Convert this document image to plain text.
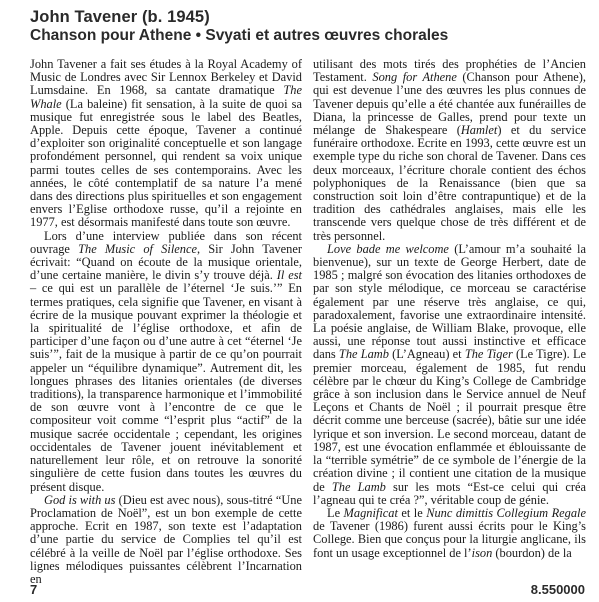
John Tavener (b. 1945)
Chanson pour Athene • Svyati et autres œuvres chorales

John Tavener a fait ses études à la Royal Academy of Music de Londres avec Sir Lennox Berkeley et David Lumsdaine. En 1968, sa cantate dramatique The Whale (La baleine) fit sensation, à la suite de quoi sa musique fut enregistrée sous le label des Beatles, Apple. Depuis cette époque, Tavener a continué d’exploiter son originalité conceptuelle et son langage profondément personnel, qui rendent sa voix unique parmi toutes celles de ses contemporains. Avec les années, le côté contemplatif de sa nature l’a mené dans des directions plus spirituelles et son engagement envers l’Eglise orthodoxe russe, qu’il a rejointe en 1977, est désormais manifesté dans toute son œuvre.

Lors d’une interview publiée dans son récent ouvrage The Music of Silence, Sir John Tavener écrivait: “Quand on écoute de la musique orientale, d’une certaine manière, le divin s’y trouve déjà. Il est – ce qui est un parallèle de l’éternel ‘Je suis.’” En termes pratiques, cela signifie que Tavener, en visant à écrire de la musique pouvant exprimer la théologie et la spiritualité de l’église orthodoxe, et afin de participer d’une façon ou d’une autre à cet “éternel ‘Je suis’”, fait de la musique à partir de ce qu’on pourrait appeler un “équilibre dynamique”. Autrement dit, les longues phrases des litanies orientales (de diverses traditions), la transparence harmonique et l’immobilité de son œuvre vont à l’encontre de ce que le compositeur voit comme “l’esprit plus “actif” de la musique sacrée occidentale ; cependant, les origines occidentales de Tavener jouent inévitablement et naturellement leur rôle, et on retrouve la sonorité singulière de cette fusion dans toutes les œuvres du présent disque.

God is with us (Dieu est avec nous), sous-titré “Une Proclamation de Noël”, est un bon exemple de cette approche. Ecrit en 1987, son texte est l’adaptation d’une partie du service de Complies tel qu’il est célébré à la veille de Noël par l’église orthodoxe. Ses lignes mélodiques puissantes célèbrent l’Incarnation en

utilisant des mots tirés des prophéties de l’Ancien Testament. Song for Athene (Chanson pour Athene), qui est devenue l’une des œuvres les plus connues de Tavener depuis qu’elle a été chantée aux funérailles de Diana, la princesse de Galles, prend pour texte un mélange de Shakespeare (Hamlet) et du service funéraire orthodoxe. Ecrite en 1993, cette œuvre est un exemple type du riche son choral de Tavener. Dans ces deux morceaux, l’écriture chorale contient des échos polyphoniques de la Renaissance (bien que sa construction soit loin d’être contrapuntique) et de la tradition des cathédrales anglaises, mais elle les transcende vers quelque chose de très différent et de très personnel.

Love bade me welcome (L’amour m’a souhaité la bienvenue), sur un texte de George Herbert, date de 1985 ; malgré son évocation des litanies orthodoxes de par son style mélodique, ce morceau se caractérise également par une réserve très anglaise, ce qui, paradoxalement, favorise une extraordinaire intensité. La poésie anglaise, de William Blake, provoque, elle aussi, une réponse tout aussi instinctive et efficace dans The Lamb (L’Agneau) et The Tiger (Le Tigre). Le premier morceau, également de 1985, fut rendu célèbre par le chœur du King’s College de Cambridge grâce à son inclusion dans le Service annuel de Neuf Leçons et Chants de Noël ; il pourrait presque être décrit comme une berceuse (sacrée), bâtie sur une idée lyrique et son inversion. Le second morceau, datant de 1987, est une évocation enflammée et éblouissante de la “terrible symétrie” de ce symbole de l’énergie de la création divine ; il contient une citation de la musique de The Lamb sur les mots “Est-ce celui qui créa l’agneau qui te créa ?”, véritable coup de génie.

Le Magnificat et le Nunc dimittis Collegium Regale de Tavener (1986) furent aussi écrits pour le King’s College. Bien que conçus pour la liturgie anglicane, ils font un usage exceptionnel de l’ison (bourdon) de la

7	8.550000
